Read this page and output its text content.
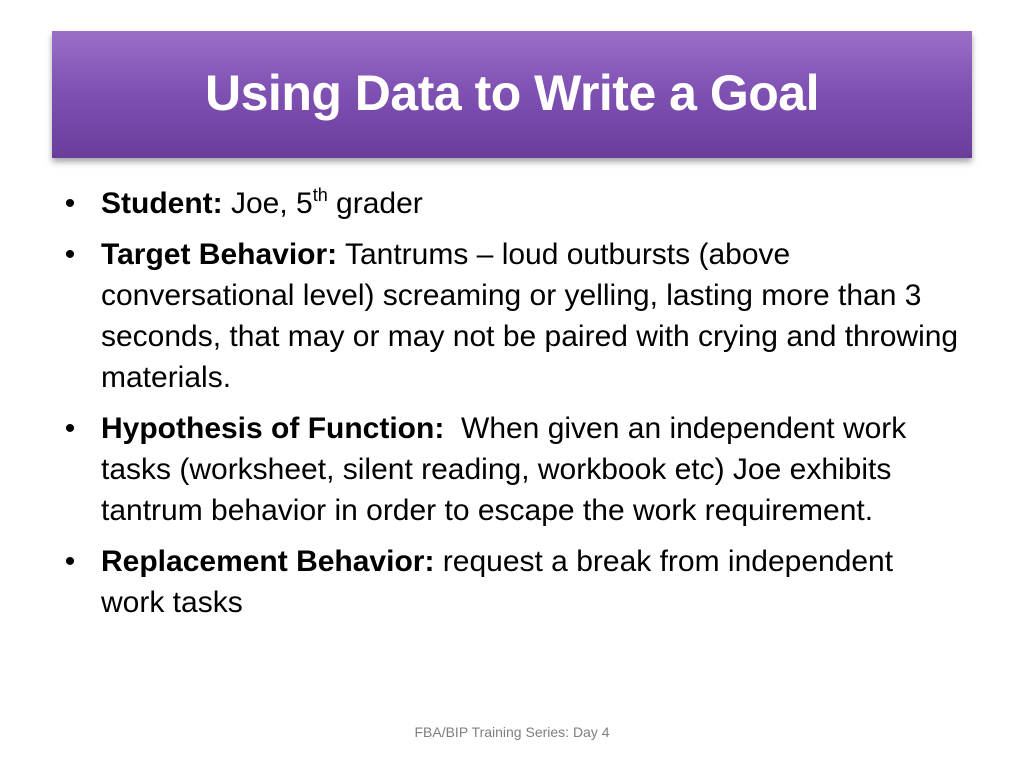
Using Data to Write a Goal
• Student: Joe, 5th grader
• Target Behavior: Tantrums – loud outbursts (above conversational level) screaming or yelling, lasting more than 3 seconds, that may or may not be paired with crying and throwing materials.
• Hypothesis of Function:  When given an independent work tasks (worksheet, silent reading, workbook etc) Joe exhibits  tantrum behavior in order to escape the work requirement.
• Replacement Behavior: request a break from independent work tasks
FBA/BIP Training Series: Day 4
